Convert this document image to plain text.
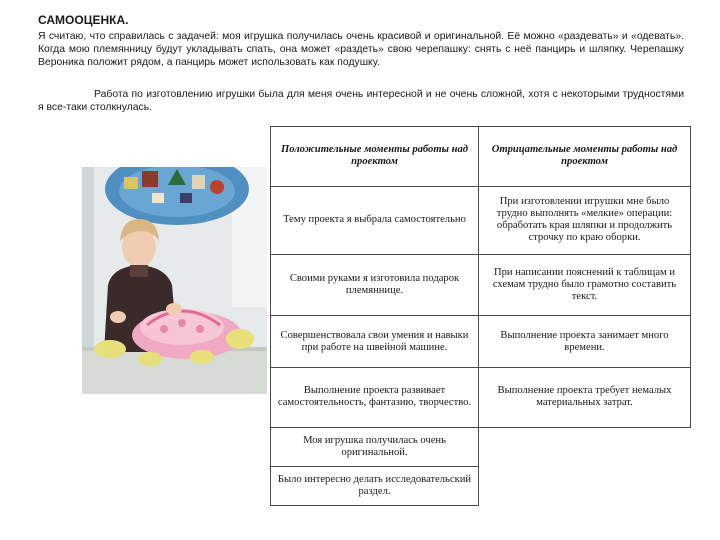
САМООЦЕНКА.

Я считаю, что справилась с задачей: моя игрушка получилась очень красивой и оригинальной. Её можно «раздевать» и «одевать». Когда мою племянницу будут укладывать спать, она может «раздеть» свою черепашку: снять с неё панцирь и шляпку. Черепашку Вероника положит рядом, а панцирь может использовать как подушку.

Работа по изготовлению игрушки была для меня очень интересной и не очень сложной, хотя с некоторыми трудностями я все-таки столкнулась.

Положительные моменты работы над проектом	Отрицательные моменты работы над проектом
Тему проекта я выбрала самостоятельно	При изготовлении игрушки мне было трудно выполнять «мелкие» операции: обработать края шляпки и продолжить строчку по краю оборки.
Своими руками я изготовила подарок племяннице.	При написании пояснений к таблицам и схемам трудно было грамотно составить текст.
Совершенствовала свои умения и навыки при работе на швейной машине.	Выполнение проекта занимает много времени.
Выполнение проекта развивает самостоятельность, фантазию, творчество.	Выполнение проекта требует немалых материальных затрат.
Моя игрушка получилась очень оригинальной.	
Было интересно делать исследовательский раздел.	
